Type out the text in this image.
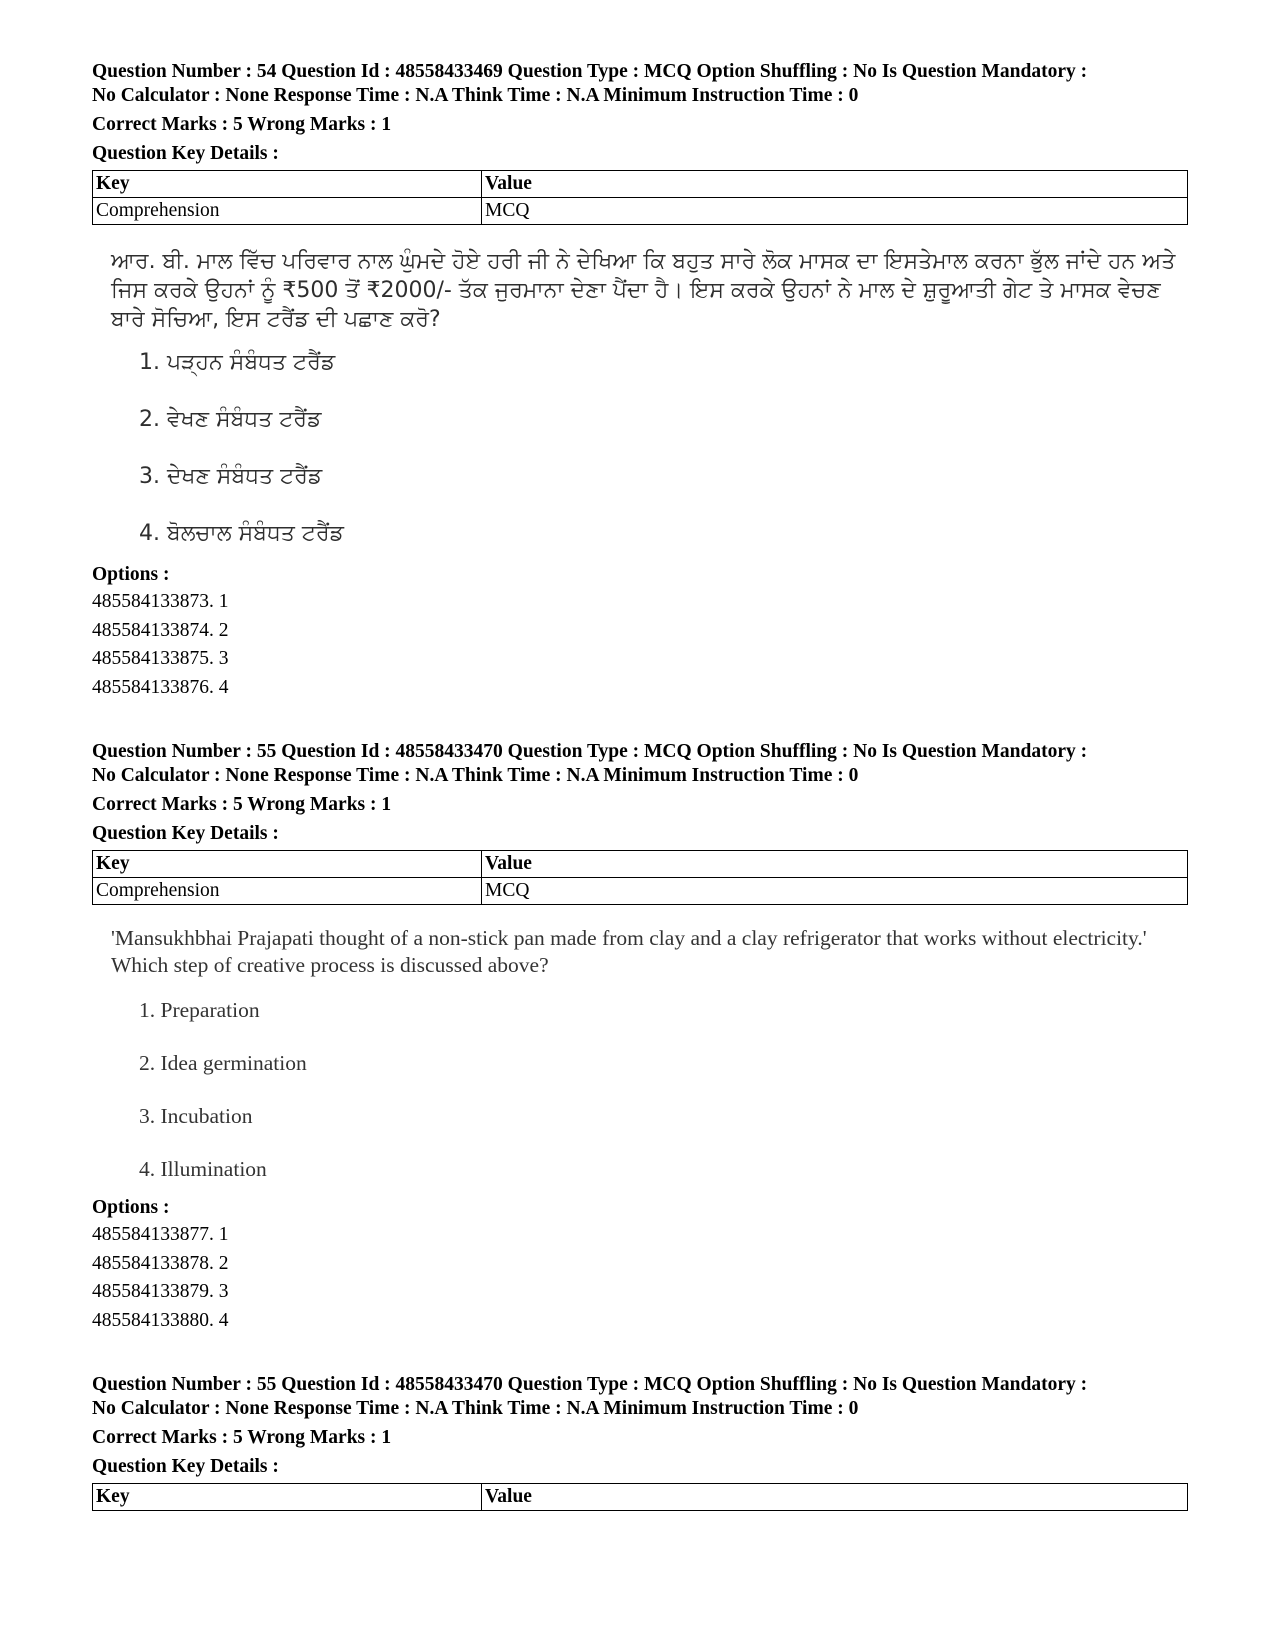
Question Number : 54 Question Id : 48558433469 Question Type : MCQ Option Shuffling : No Is Question Mandatory :

No Calculator : None Response Time : N.A Think Time : N.A Minimum Instruction Time : 0

Correct Marks : 5 Wrong Marks : 1
Question Key Details :
Key	Value
Comprehension	MCQ
ਆਰ. ਬੀ. ਮਾਲ ਵਿੱਚ ਪਰਿਵਾਰ ਨਾਲ ਘੁੰਮਦੇ ਹੋਏ ਹਰੀ ਜੀ ਨੇ ਦੇਖਿਆ ਕਿ ਬਹੁਤ ਸਾਰੇ ਲੋਕ ਮਾਸਕ ਦਾ ਇਸਤੇਮਾਲ ਕਰਨਾ ਭੁੱਲ ਜਾਂਦੇ ਹਨ ਅਤੇ ਜਿਸ ਕਰਕੇ ਉਹਨਾਂ ਨੂੰ ₹500 ਤੋਂ ₹2000/- ਤੱਕ ਜੁਰਮਾਨਾ ਦੇਣਾ ਪੈਂਦਾ ਹੈ। ਇਸ ਕਰਕੇ ਉਹਨਾਂ ਨੇ ਮਾਲ ਦੇ ਸ਼ੁਰੂਆਤੀ ਗੇਟ ਤੇ ਮਾਸਕ ਵੇਚਣ ਬਾਰੇ ਸੋਚਿਆ, ਇਸ ਟਰੈਂਡ ਦੀ ਪਛਾਣ ਕਰੋ?
1. ਪੜ੍ਹਨ ਸੰਬੰਧਤ ਟਰੈਂਡ
2. ਵੇਖਣ ਸੰਬੰਧਤ ਟਰੈਂਡ
3. ਦੇਖਣ ਸੰਬੰਧਤ ਟਰੈਂਡ
4. ਬੋਲਚਾਲ ਸੰਬੰਧਤ ਟਰੈਂਡ
Options :
485584133873. 1
485584133874. 2
485584133875. 3
485584133876. 4

Question Number : 55 Question Id : 48558433470 Question Type : MCQ Option Shuffling : No Is Question Mandatory :

No Calculator : None Response Time : N.A Think Time : N.A Minimum Instruction Time : 0

Correct Marks : 5 Wrong Marks : 1
Question Key Details :
Key	Value
Comprehension	MCQ
'Mansukhbhai Prajapati thought of a non-stick pan made from clay and a clay refrigerator that works without electricity.' Which step of creative process is discussed above?
1. Preparation
2. Idea germination
3. Incubation
4. Illumination
Options :
485584133877. 1
485584133878. 2
485584133879. 3
485584133880. 4

Question Number : 55 Question Id : 48558433470 Question Type : MCQ Option Shuffling : No Is Question Mandatory :

No Calculator : None Response Time : N.A Think Time : N.A Minimum Instruction Time : 0

Correct Marks : 5 Wrong Marks : 1
Question Key Details :
Key	Value
